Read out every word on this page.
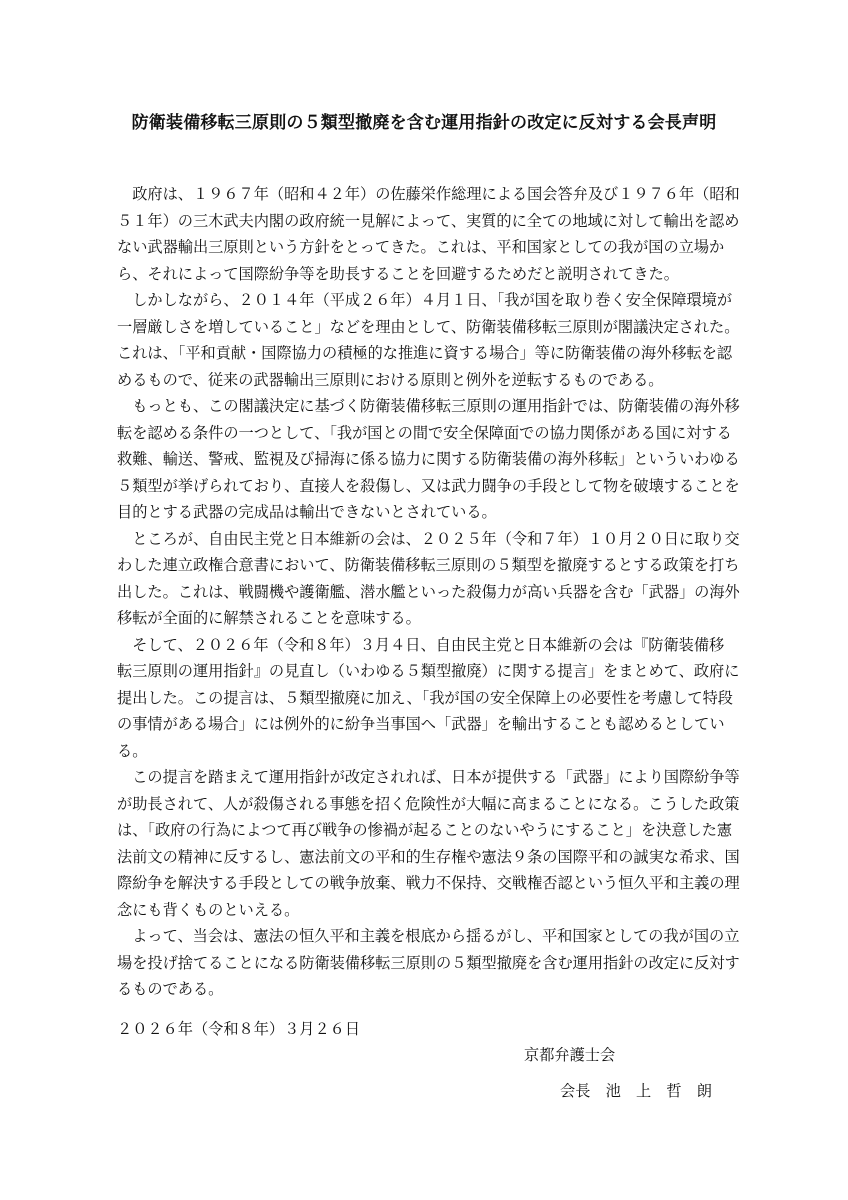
防衛装備移転三原則の５類型撤廃を含む運用指針の改定に反対する会長声明
　政府は、１９６７年（昭和４２年）の佐藤栄作総理による国会答弁及び１９７６年（昭和
５１年）の三木武夫内閣の政府統一見解によって、実質的に全ての地域に対して輸出を認め
ない武器輸出三原則という方針をとってきた。これは、平和国家としての我が国の立場か
ら、それによって国際紛争等を助長することを回避するためだと説明されてきた。
　しかしながら、２０１４年（平成２６年）４月１日、「我が国を取り巻く安全保障環境が
一層厳しさを増していること」などを理由として、防衛装備移転三原則が閣議決定された。
これは、「平和貢献・国際協力の積極的な推進に資する場合」等に防衛装備の海外移転を認
めるもので、従来の武器輸出三原則における原則と例外を逆転するものである。
　もっとも、この閣議決定に基づく防衛装備移転三原則の運用指針では、防衛装備の海外移
転を認める条件の一つとして、「我が国との間で安全保障面での協力関係がある国に対する
救難、輸送、警戒、監視及び掃海に係る協力に関する防衛装備の海外移転」といういわゆる
５類型が挙げられており、直接人を殺傷し、又は武力闘争の手段として物を破壊することを
目的とする武器の完成品は輸出できないとされている。
　ところが、自由民主党と日本維新の会は、２０２５年（令和７年）１０月２０日に取り交
わした連立政権合意書において、防衛装備移転三原則の５類型を撤廃するとする政策を打ち
出した。これは、戦闘機や護衛艦、潜水艦といった殺傷力が高い兵器を含む「武器」の海外
移転が全面的に解禁されることを意味する。
　そして、２０２６年（令和８年）３月４日、自由民主党と日本維新の会は『防衛装備移
転三原則の運用指針』の見直し（いわゆる５類型撤廃）に関する提言」をまとめて、政府に
提出した。この提言は、５類型撤廃に加え、「我が国の安全保障上の必要性を考慮して特段
の事情がある場合」には例外的に紛争当事国へ「武器」を輸出することも認めるとしてい
る。
　この提言を踏まえて運用指針が改定されれば、日本が提供する「武器」により国際紛争等
が助長されて、人が殺傷される事態を招く危険性が大幅に高まることになる。こうした政策
は、「政府の行為によつて再び戦争の惨禍が起ることのないやうにすること」を決意した憲
法前文の精神に反するし、憲法前文の平和的生存権や憲法９条の国際平和の誠実な希求、国
際紛争を解決する手段としての戦争放棄、戦力不保持、交戦権否認という恒久平和主義の理
念にも背くものといえる。
　よって、当会は、憲法の恒久平和主義を根底から揺るがし、平和国家としての我が国の立
場を投げ捨てることになる防衛装備移転三原則の５類型撤廃を含む運用指針の改定に反対す
るものである。
２０２６年（令和８年）３月２６日
京都弁護士会
会長　池　上　哲　朗
